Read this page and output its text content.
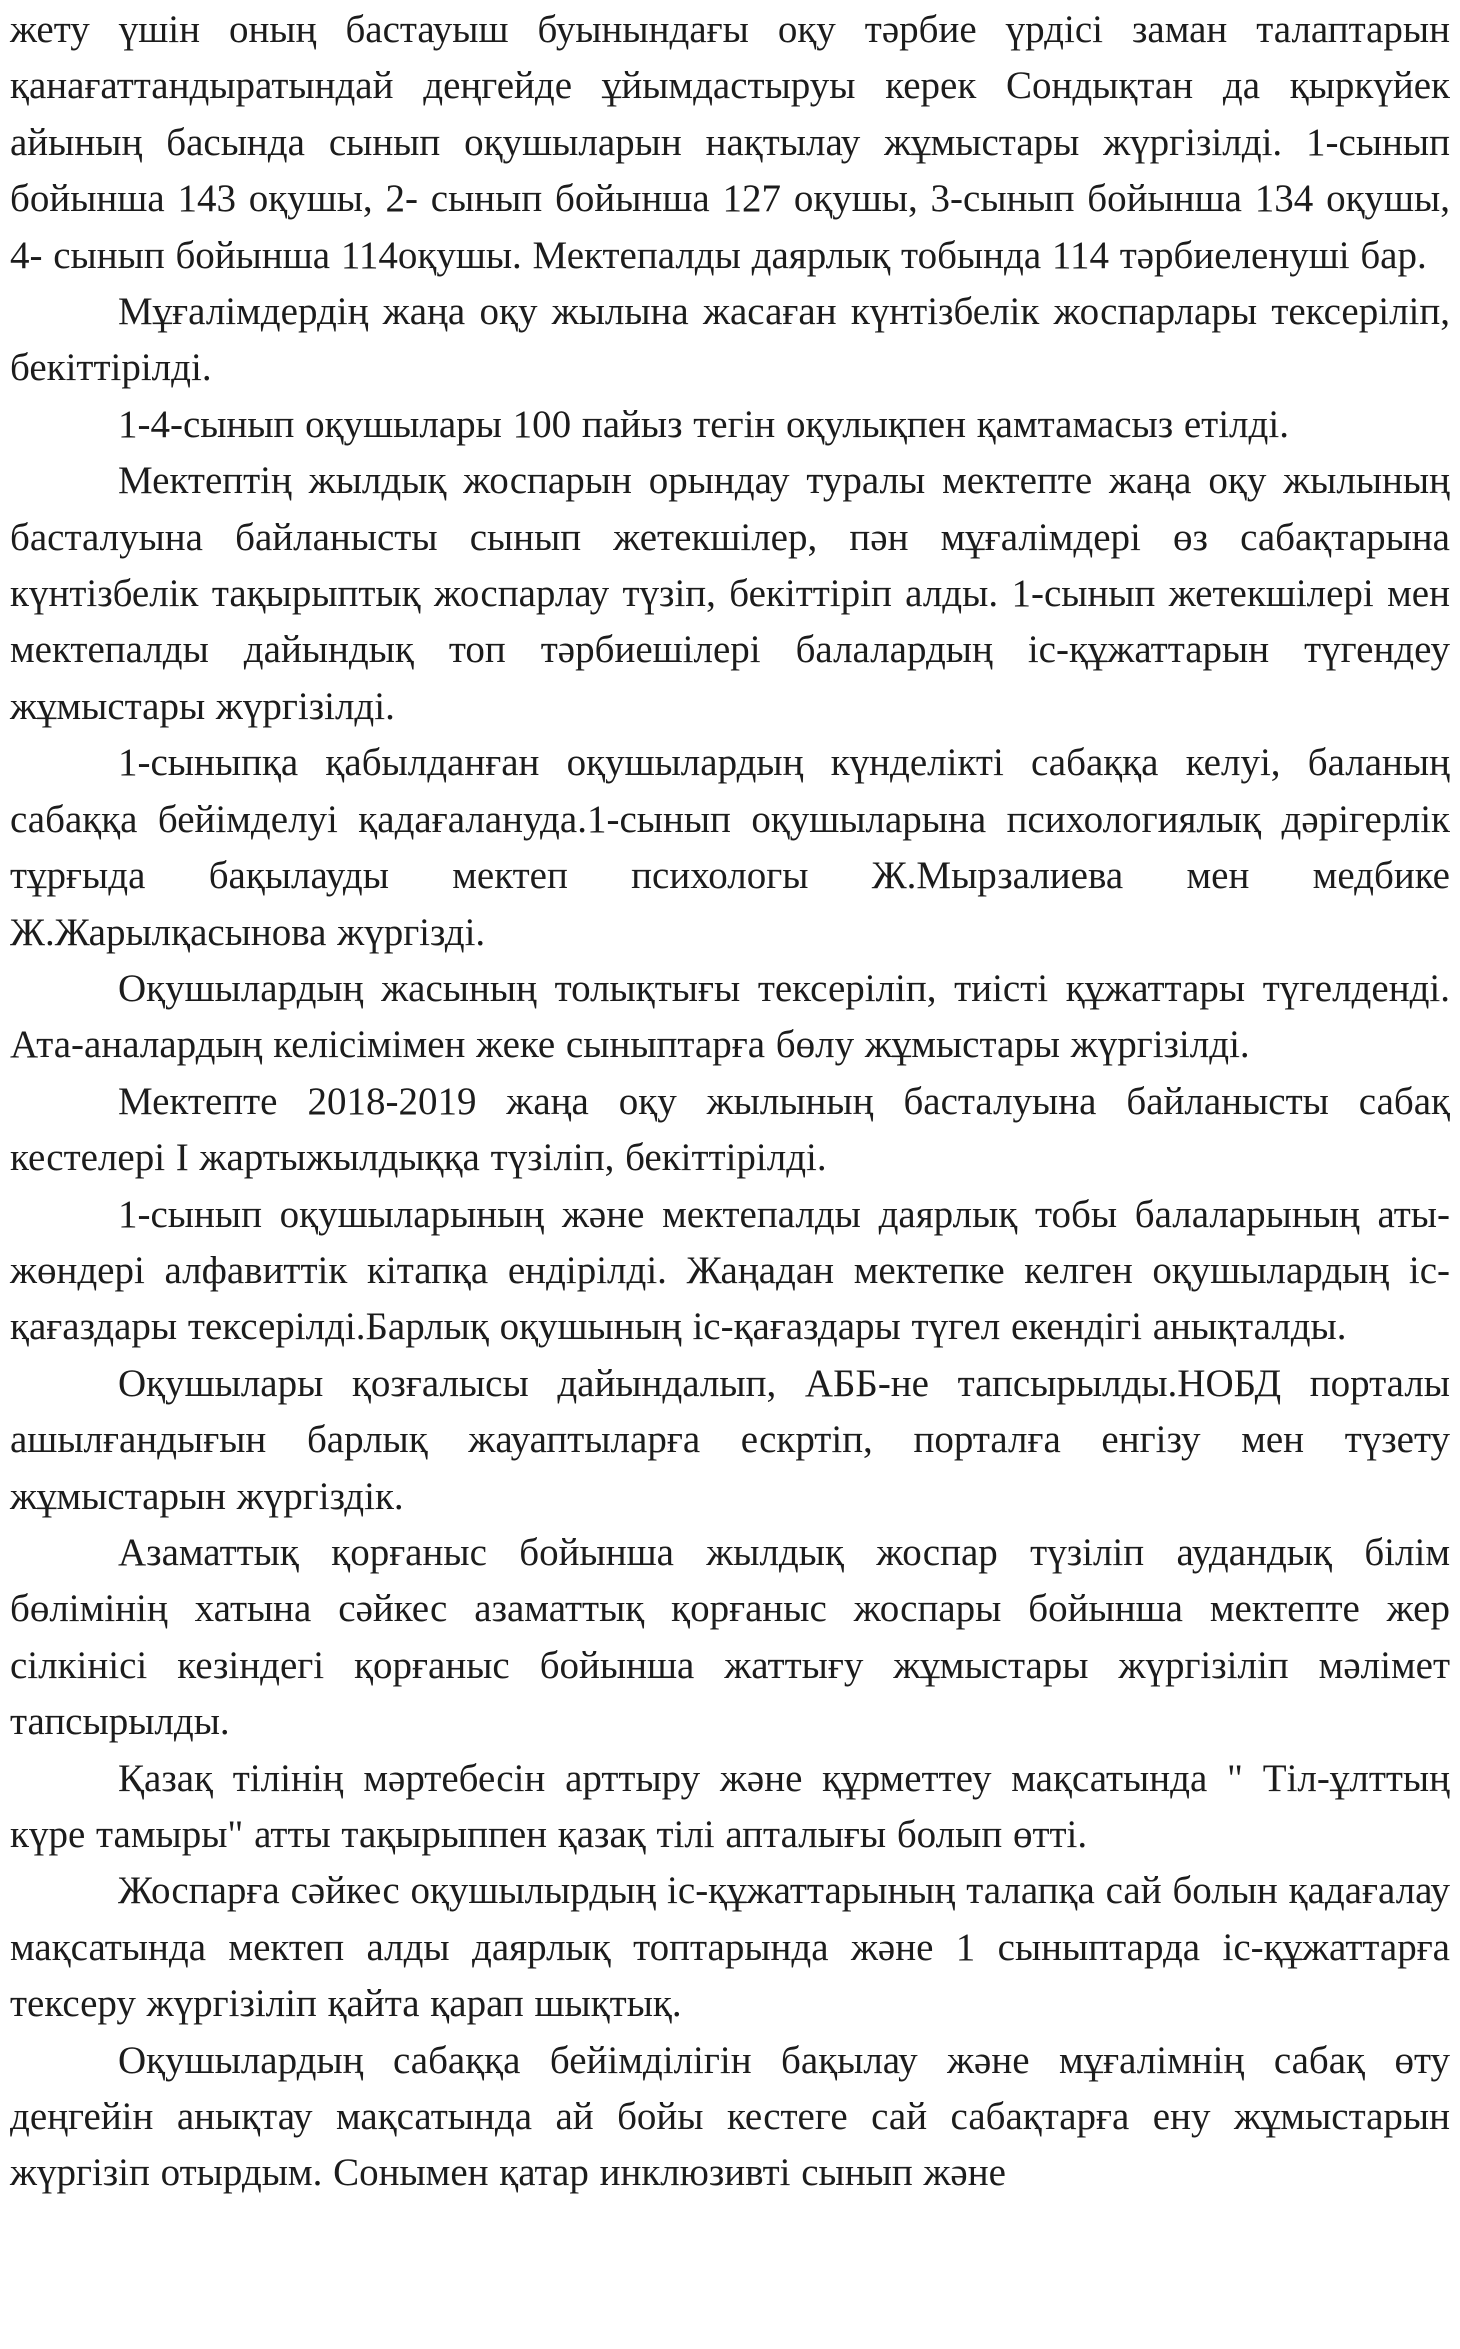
жету үшін оның бастауыш буынындағы оқу тәрбие үрдісі заман талаптарын қанағаттандыратындай деңгейде ұйымдастыруы керек Сондықтан да қыркүйек айының басында сынып оқушыларын нақтылау жұмыстары жүргізілді. 1-сынып бойынша 143 оқушы, 2- сынып бойынша 127 оқушы, 3-сынып бойынша 134 оқушы, 4- сынып бойынша 114оқушы. Мектепалды даярлық тобында 114 тәрбиеленуші бар.

Мұғалімдердің жаңа оқу жылына жасаған күнтізбелік жоспарлары тексеріліп, бекіттірілді.

1-4-сынып оқушылары 100 пайыз тегін оқулықпен қамтамасыз етілді.

Мектептің жылдық жоспарын орындау туралы мектепте жаңа оқу жылының басталуына байланысты сынып жетекшілер, пән мұғалімдері өз сабақтарына күнтізбелік тақырыптық жоспарлау түзіп, бекіттіріп алды. 1-сынып жетекшілері мен мектепалды дайындық топ тәрбиешілері балалардың іс-құжаттарын түгендеу жұмыстары жүргізілді.

1-сыныпқа қабылданған оқушылардың күнделікті сабаққа келуі, баланың сабаққа бейімделуі қадағалануда.1-сынып оқушыларына психологиялық дәрігерлік тұрғыда бақылауды мектеп психологы Ж.Мырзалиева мен медбике Ж.Жарылқасынова жүргізді.

Оқушылардың жасының толықтығы тексеріліп, тиісті құжаттары түгелденді. Ата-аналардың келісімімен жеке сыныптарға бөлу жұмыстары жүргізілді.

Мектепте 2018-2019 жаңа оқу жылының басталуына байланысты сабақ кестелері I жартыжылдыққа түзіліп, бекіттірілді.

1-сынып оқушыларының және мектепалды даярлық тобы балаларының аты-жөндері алфавиттік кітапқа ендірілді. Жаңадан мектепке келген оқушылардың іс-қағаздары тексерілді.Барлық оқушының іс-қағаздары түгел екендігі анықталды.

Оқушылары қозғалысы дайындалып, АББ-не тапсырылды.НОБД порталы ашылғандығын барлық жауаптыларға ескртіп, порталға енгізу мен түзету жұмыстарын жүргіздік.

Азаматтық қорғаныс бойынша жылдық жоспар түзіліп аудандық білім бөлімінің хатына сәйкес азаматтық қорғаныс жоспары бойынша мектепте жер сілкінісі кезіндегі қорғаныс бойынша жаттығу жұмыстары жүргізіліп мәлімет тапсырылды.

Қазақ тілінің мәртебесін арттыру және құрметтеу мақсатында " Тіл-ұлттың күре тамыры" атты тақырыппен қазақ тілі апталығы болып өтті.

Жоспарға сәйкес оқушылырдың іс-құжаттарының талапқа сай болын қадағалау мақсатында мектеп алды даярлық топтарында және 1 сыныптарда іс-құжаттарға тексеру жүргізіліп қайта қарап шықтық.

Оқушылардың сабаққа бейімділігін бақылау және мұғалімнің сабақ өту деңгейін анықтау мақсатында ай бойы кестеге сай сабақтарға ену жұмыстарын жүргізіп отырдым. Сонымен қатар инклюзивті сынып және
